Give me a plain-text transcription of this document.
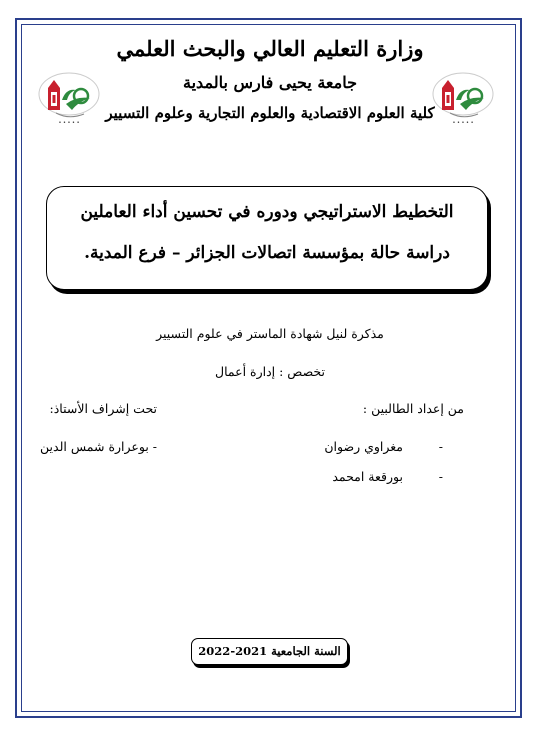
وزارة التعليم العالي والبحث العلمي
جامعة يحيى فارس بالمدية
كلية العلوم الاقتصادية والعلوم التجارية وعلوم التسيير
• • • • •	• • • • •
التخطيط الاستراتيجي ودوره في تحسين أداء العاملين
دراسة حالة بمؤسسة اتصالات الجزائر – فرع المدية.
مذكرة لنيل شهادة الماستر في علوم التسيير
تخصص : إدارة أعمال
من إعداد الطالبين :
تحت إشراف الأستاذ:
-مغراوي رضوان
-بورقعة امحمد
- بوعرارة شمس الدين
السنة الجامعية 2021-2022
